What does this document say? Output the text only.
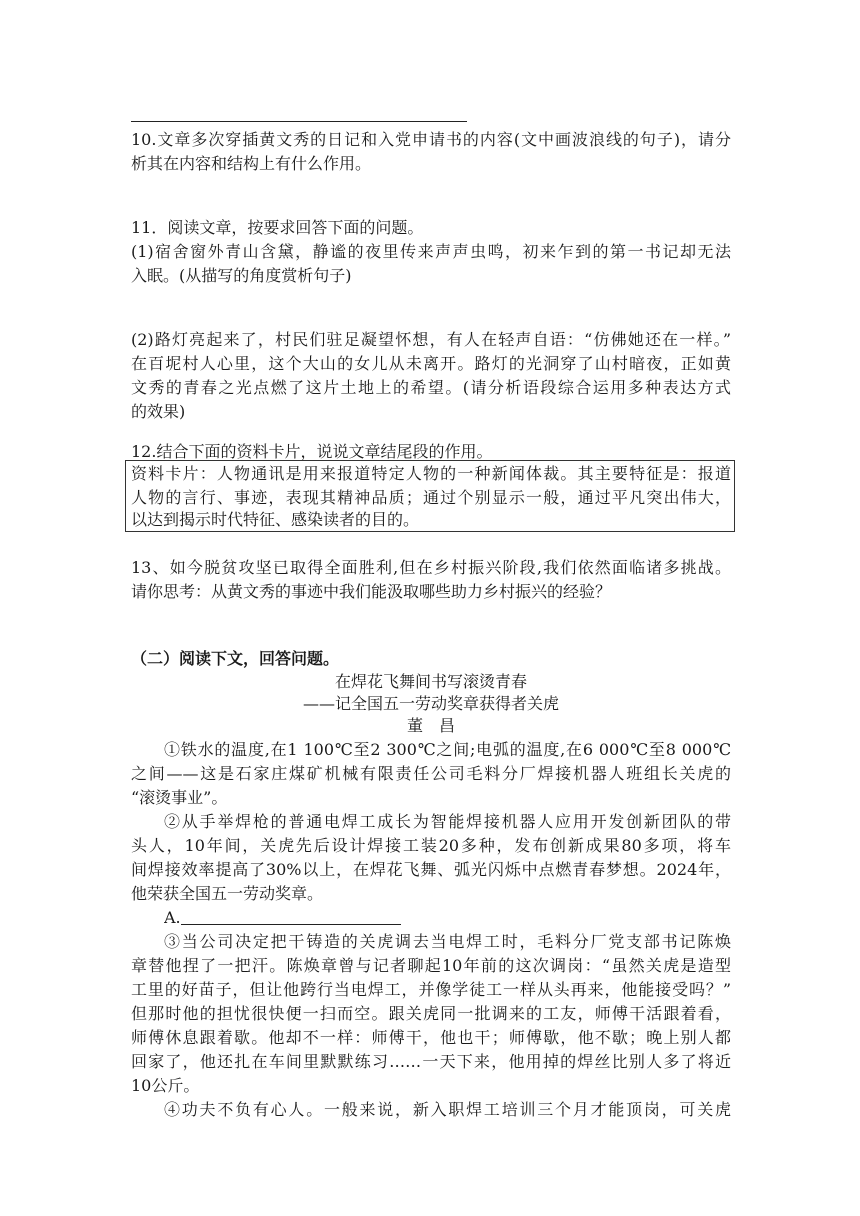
10.文章多次穿插黄文秀的日记和入党申请书的内容(文中画波浪线的句子)，请分
析其在内容和结构上有什么作用。
11．阅读文章，按要求回答下面的问题。
(1)宿舍窗外青山含黛，静谧的夜里传来声声虫鸣，初来乍到的第一书记却无法
入眠。(从描写的角度赏析句子)
(2)路灯亮起来了，村民们驻足凝望怀想，有人在轻声自语：“仿佛她还在一样。”
在百坭村人心里，这个大山的女儿从未离开。路灯的光洞穿了山村暗夜，正如黄
文秀的青春之光点燃了这片土地上的希望。(请分析语段综合运用多种表达方式
的效果)
12.结合下面的资料卡片，说说文章结尾段的作用。
资料卡片：人物通讯是用来报道特定人物的一种新闻体裁。其主要特征是：报道
人物的言行、事迹，表现其精神品质；通过个别显示一般，通过平凡突出伟大，
以达到揭示时代特征、感染读者的目的。
13、如今脱贫攻坚已取得全面胜利,但在乡村振兴阶段,我们依然面临诸多挑战。
请你思考：从黄文秀的事迹中我们能汲取哪些助力乡村振兴的经验？
（二）阅读下文，回答问题。
在焊花飞舞间书写滚烫青春
——记全国五一劳动奖章获得者关虎
董　昌
①铁水的温度,在1 100℃至2 300℃之间;电弧的温度,在6 000℃至8 000℃
之间——这是石家庄煤矿机械有限责任公司毛料分厂焊接机器人班组长关虎的
“滚烫事业”。
②从手举焊枪的普通电焊工成长为智能焊接机器人应用开发创新团队的带
头人，10年间，关虎先后设计焊接工装20多种，发布创新成果80多项，将车
间焊接效率提高了30%以上，在焊花飞舞、弧光闪烁中点燃青春梦想。2024年，
他荣获全国五一劳动奖章。
A.
③当公司决定把干铸造的关虎调去当电焊工时，毛料分厂党支部书记陈焕
章替他捏了一把汗。陈焕章曾与记者聊起10年前的这次调岗：“虽然关虎是造型
工里的好苗子，但让他跨行当电焊工，并像学徒工一样从头再来，他能接受吗？”
但那时他的担忧很快便一扫而空。跟关虎同一批调来的工友，师傅干活跟着看，
师傅休息跟着歇。他却不一样：师傅干，他也干；师傅歇，他不歇；晚上别人都
回家了，他还扎在车间里默默练习……一天下来，他用掉的焊丝比别人多了将近
10公斤。
④功夫不负有心人。一般来说，新入职焊工培训三个月才能顶岗，可关虎
